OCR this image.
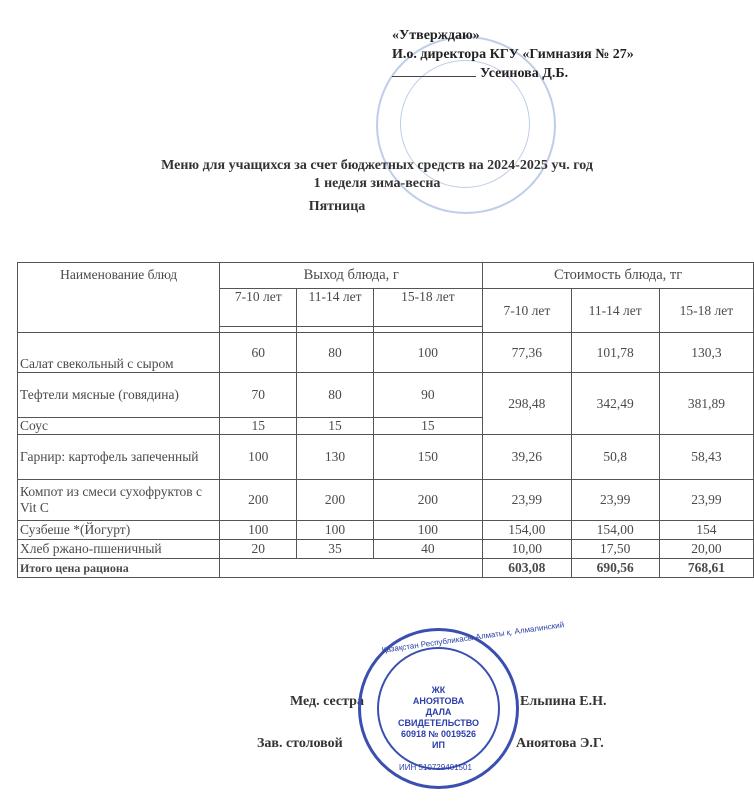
«Утверждаю»
И.о. директора КГУ «Гимназия № 27»
Усеинова Д.Б.
Меню для учащихся за счет бюджетных средств на 2024-2025 уч. год
1 неделя зима-весна
Пятница
Наименование блюд	Выход блюда, г			Стоимость блюда, тг		
	7-10 лет	11-14 лет	15-18 лет	7-10 лет	11-14 лет	15-18 лет

Салат свекольный с сыром	60	80	100	77,36	101,78	130,3
Тефтели мясные (говядина)	70	80	90	298,48	342,49	381,89
Соус	15	15	15			
Гарнир: картофель запеченный	100	130	150	39,26	50,8	58,43
Компот из смеси сухофруктов с Vit C	200	200	200	23,99	23,99	23,99
Сузбеше *(Йогурт)	100	100	100	154,00	154,00	154
Хлеб ржано-пшеничный	20	35	40	10,00	17,50	20,00
Итого цена рациона				603,08	690,56	768,61
Мед. сестра	Ельпина Е.Н.
Зав. столовой	Аноятова Э.Г.
Қазақстан Республикасы Алматы қ. Алмалинский
ЖК
АНОЯТОВА
ДАЛА
СВИДЕТЕЛЬСТВО
60918 № 0019526
ИП
ИИН 510729401501
